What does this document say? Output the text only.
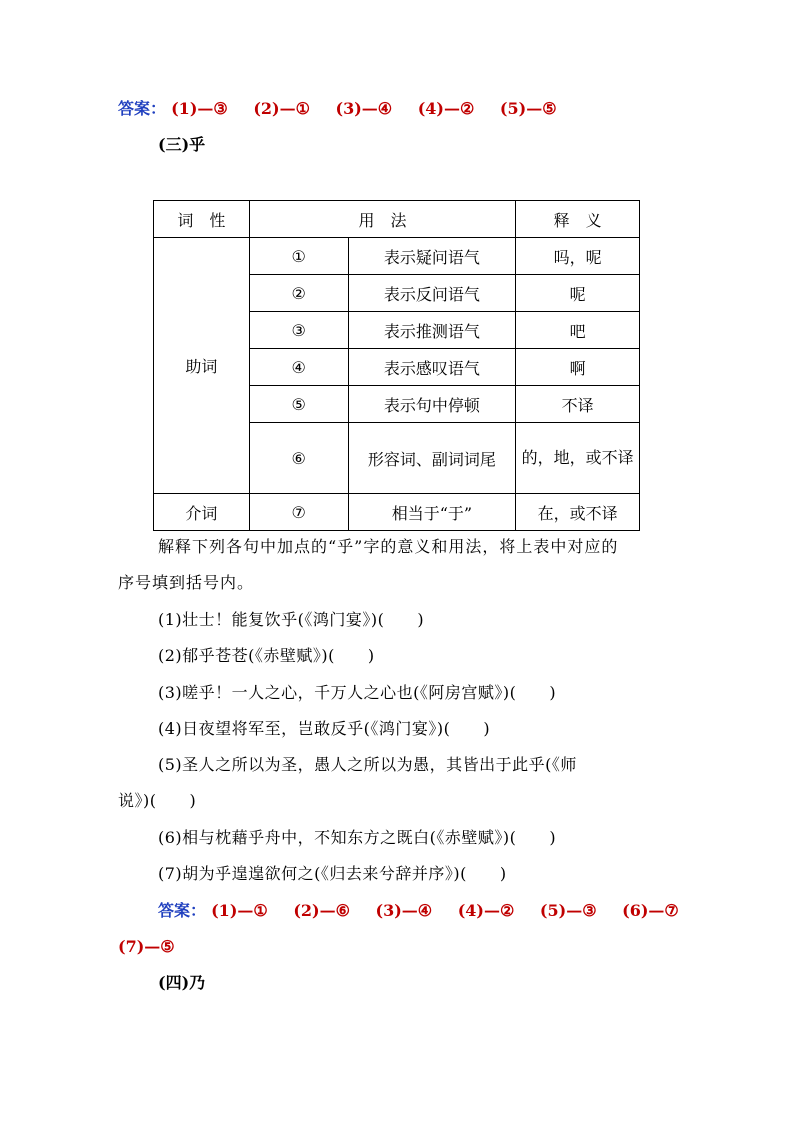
答案： (1)—③ (2)—① (3)—④ (4)—② (5)—⑤
(三)乎
词　性	用　法		释　义
助词	①	表示疑问语气	吗，呢
	②	表示反问语气	呢
	③	表示推测语气	吧
	④	表示感叹语气	啊
	⑤	表示句中停顿	不译
	⑥	形容词、副词词尾	的，地，或不译
介词	⑦	相当于“于”	在，或不译
解释下列各句中加点的“乎”字的意义和用法，将上表中对应的
序号填到括号内。
(1)壮士！能复饮乎(《鸿门宴》)(　　)
(2)郁乎苍苍(《赤壁赋》)(　　)
(3)嗟乎！一人之心，千万人之心也(《阿房宫赋》)(　　)
(4)日夜望将军至，岂敢反乎(《鸿门宴》)(　　)
(5)圣人之所以为圣，愚人之所以为愚，其皆出于此乎(《师
说》)(　　)
(6)相与枕藉乎舟中，不知东方之既白(《赤壁赋》)(　　)
(7)胡为乎遑遑欲何之(《归去来兮辞并序》)(　　)
答案： (1)—① (2)—⑥ (3)—④ (4)—② (5)—③ (6)—⑦
(7)—⑤
(四)乃
